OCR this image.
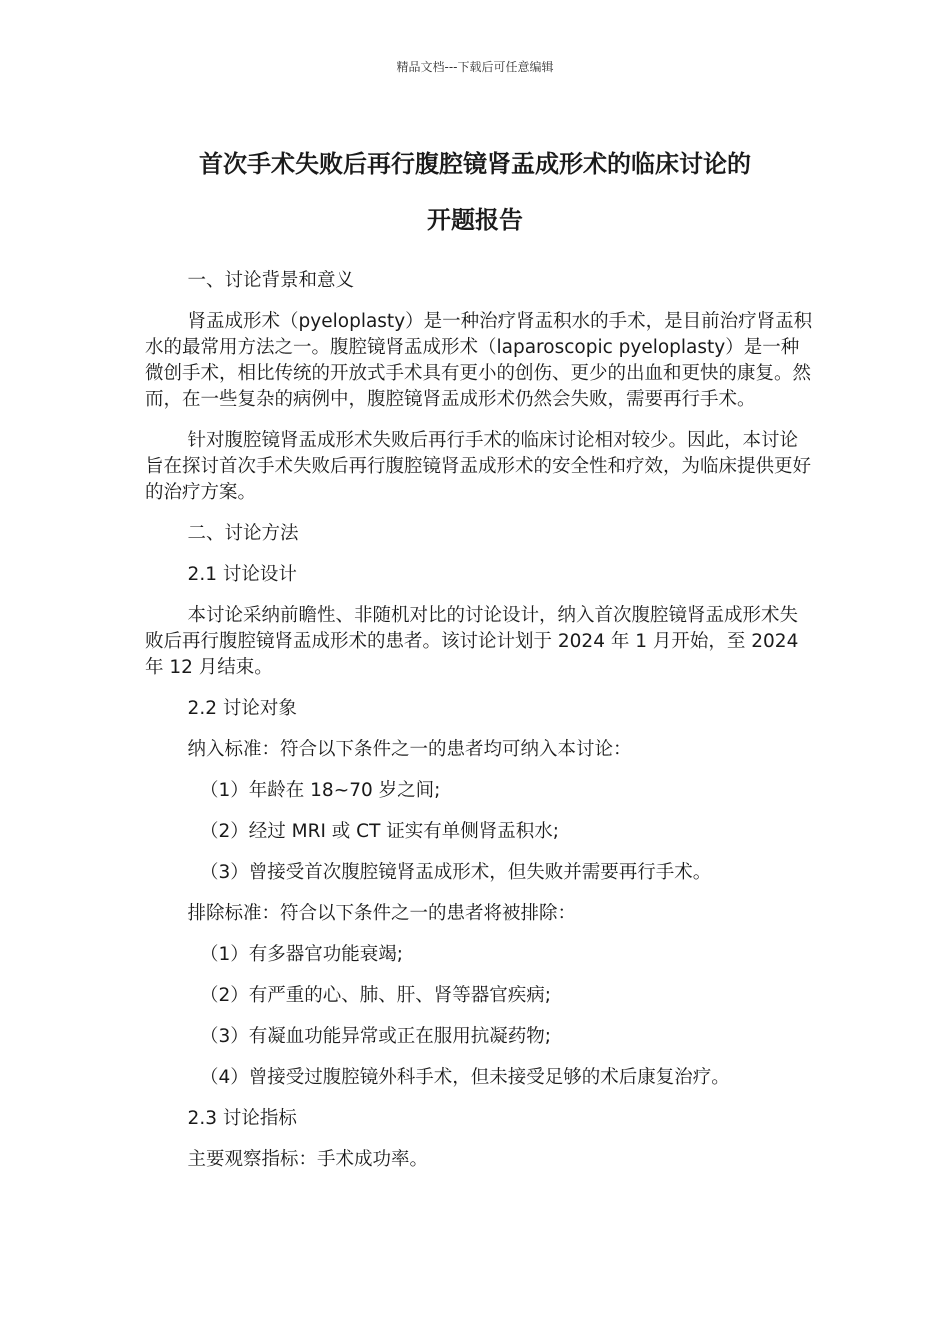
精品文档---下载后可任意编辑
首次手术失败后再行腹腔镜肾盂成形术的临床讨论的
开题报告

一、讨论背景和意义

肾盂成形术（pyeloplasty）是一种治疗肾盂积水的手术，是目前治疗肾盂积水的最常用方法之一。腹腔镜肾盂成形术（laparoscopic pyeloplasty）是一种微创手术，相比传统的开放式手术具有更小的创伤、更少的出血和更快的康复。然而，在一些复杂的病例中，腹腔镜肾盂成形术仍然会失败，需要再行手术。

针对腹腔镜肾盂成形术失败后再行手术的临床讨论相对较少。因此，本讨论旨在探讨首次手术失败后再行腹腔镜肾盂成形术的安全性和疗效，为临床提供更好的治疗方案。

二、讨论方法

2.1 讨论设计

本讨论采纳前瞻性、非随机对比的讨论设计，纳入首次腹腔镜肾盂成形术失败后再行腹腔镜肾盂成形术的患者。该讨论计划于 2024 年 1 月开始，至 2024 年 12 月结束。

2.2 讨论对象

纳入标准：符合以下条件之一的患者均可纳入本讨论：

（1）年龄在 18~70 岁之间;

（2）经过 MRI 或 CT 证实有单侧肾盂积水;

（3）曾接受首次腹腔镜肾盂成形术，但失败并需要再行手术。

排除标准：符合以下条件之一的患者将被排除：

（1）有多器官功能衰竭;

（2）有严重的心、肺、肝、肾等器官疾病;

（3）有凝血功能异常或正在服用抗凝药物;

（4）曾接受过腹腔镜外科手术，但未接受足够的术后康复治疗。

2.3 讨论指标

主要观察指标：手术成功率。
